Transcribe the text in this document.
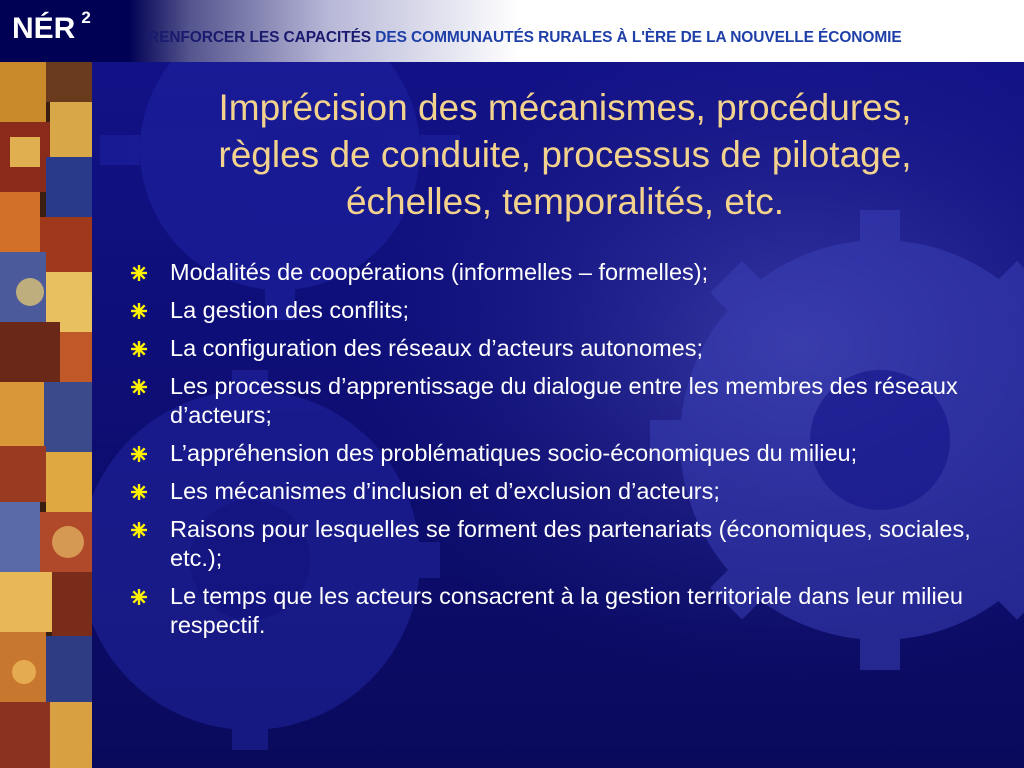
NÉR $^2$
RENFORCER LES CAPACITÉS DES COMMUNAUTÉS RURALES À L'ÈRE DE LA NOUVELLE ÉCONOMIE
Imprécision des mécanismes, procédures,
règles de conduite, processus de pilotage,
échelles, temporalités, etc.
Modalités de coopérations (informelles – formelles);
La gestion des conflits;
La configuration des réseaux d’acteurs autonomes;
Les processus d’apprentissage du dialogue entre les membres des réseaux d’acteurs;
L’appréhension des problématiques socio-économiques du milieu;
Les mécanismes d’inclusion et d’exclusion d’acteurs;
Raisons pour lesquelles se forment des partenariats (économiques, sociales, etc.);
Le temps que les acteurs consacrent à la gestion territoriale dans leur milieu respectif.
